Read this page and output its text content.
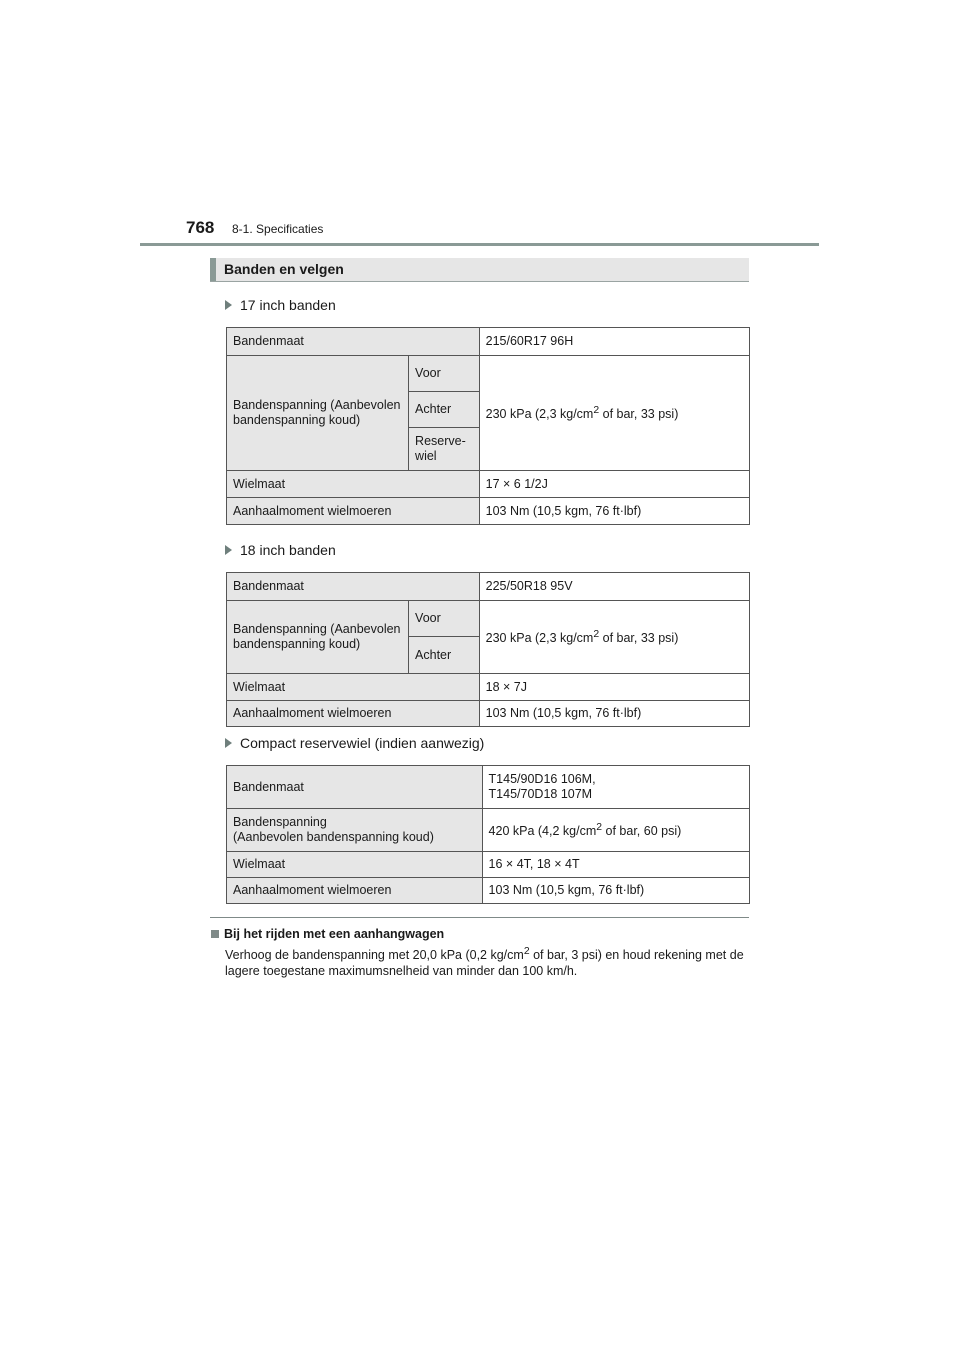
768 8-1. Specificaties
Banden en velgen
17 inch banden
Bandenmaat		215/60R17 96H
Bandenspanning (Aanbevolen bandenspanning koud)	Voor	230 kPa (2,3 $kg/cm^2$ of bar, 33 psi)
	Achter	
	Reserve- wiel	
Wielmaat		17 × 6 1/2J
Aanhaalmoment wielmoeren		103 Nm (10,5 kgm, 76 ft·lbf)
18 inch banden
Bandenmaat		225/50R18 95V
Bandenspanning (Aanbevolen bandenspanning koud)	Voor	230 kPa (2,3 $kg/cm^2$ of bar, 33 psi)
	Achter	
Wielmaat		18 × 7J
Aanhaalmoment wielmoeren		103 Nm (10,5 kgm, 76 ft·lbf)
Compact reservewiel (indien aanwezig)
Bandenmaat	T145/90D16 106M,
T145/70D18 107M
Bandenspanning
(Aanbevolen bandenspanning koud)	420 kPa (4,2 $kg/cm^2$ of bar, 60 psi)
Wielmaat	16 × 4T, 18 × 4T
Aanhaalmoment wielmoeren	103 Nm (10,5 kgm, 76 ft·lbf)
Bij het rijden met een aanhangwagen
Verhoog de bandenspanning met 20,0 kPa (0,2 $kg/cm^2$ of bar, 3 psi) en houd rekening met de lagere toegestane maximumsnelheid van minder dan 100 km/h.
